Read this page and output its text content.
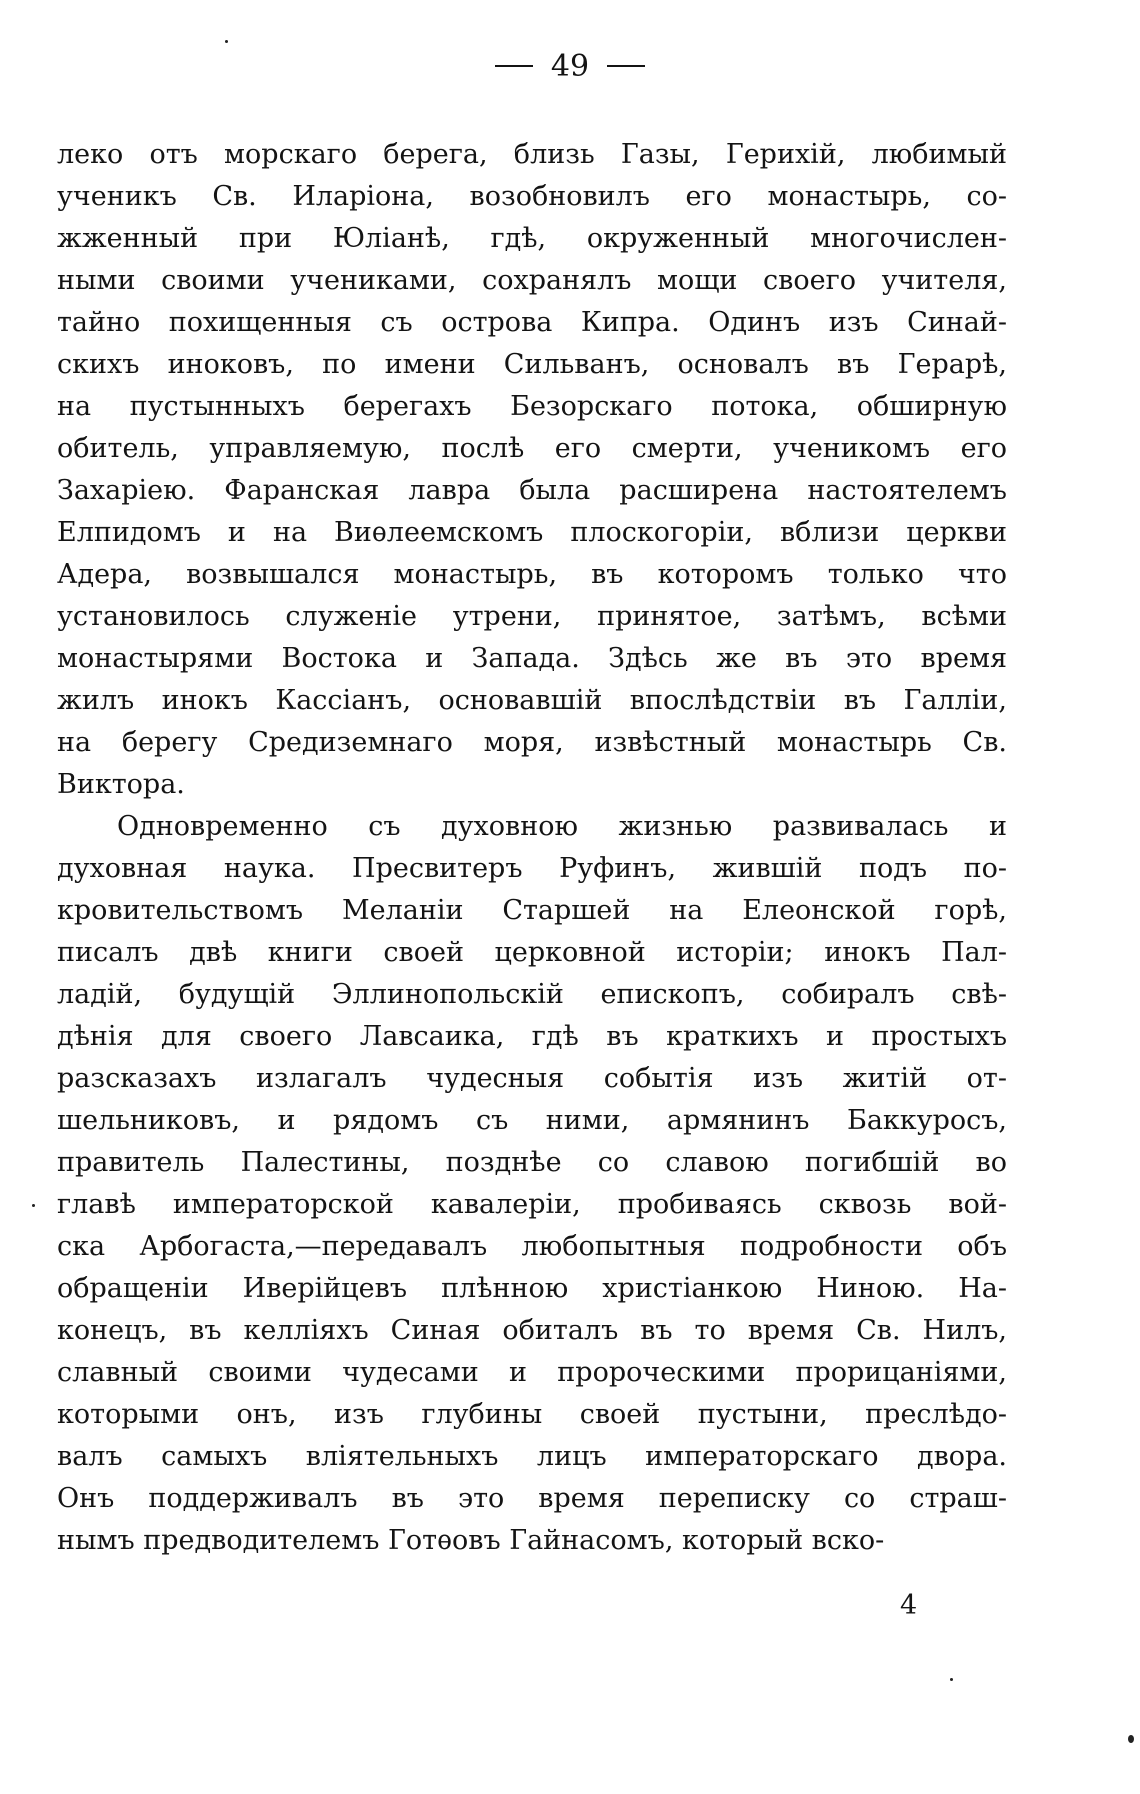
49
леко отъ морскаго берега, близь Газы, Герихій, любимый
ученикъ Св. Иларіона, возобновилъ его монастырь, со-
жженный при Юліанѣ, гдѣ, окруженный многочислен-
ными своими учениками, сохранялъ мощи своего учителя,
тайно похищенныя съ острова Кипра. Одинъ изъ Синай-
скихъ иноковъ, по имени Сильванъ, основалъ въ Герарѣ,
на пустынныхъ берегахъ Безорскаго потока, обширную
обитель, управляемую, послѣ его смерти, ученикомъ его
Захаріею. Фаранская лавра была расширена настоятелемъ
Елпидомъ и на Виѳлеемскомъ плоскогоріи, вблизи церкви
Адера, возвышался монастырь, въ которомъ только что
установилось служеніе утрени, принятое, затѣмъ, всѣми
монастырями Востока и Запада. Здѣсь же въ это время
жилъ инокъ Кассіанъ, основавшій впослѣдствіи въ Галліи,
на берегу Средиземнаго моря, извѣстный монастырь Св.
Виктора.
Одновременно съ духовною жизнью развивалась и
духовная наука. Пресвитеръ Руфинъ, жившій подъ по-
кровительствомъ Меланіи Старшей на Елеонской горѣ,
писалъ двѣ книги своей церковной исторіи; инокъ Пал-
ладій, будущій Эллинопольскій епископъ, собиралъ свѣ-
дѣнія для своего Лавсаика, гдѣ въ краткихъ и простыхъ
разсказахъ излагалъ чудесныя событія изъ житій от-
шельниковъ, и рядомъ съ ними, армянинъ Баккуросъ,
правитель Палестины, позднѣе со славою погибшій во
главѣ императорской кавалеріи, пробиваясь сквозь вой-
ска Арбогаста,—передавалъ любопытныя подробности объ
обращеніи Иверійцевъ плѣнною христіанкою Ниною. На-
конецъ, въ келліяхъ Синая обиталъ въ то время Св. Нилъ,
славный своими чудесами и пророческими прорицаніями,
которыми онъ, изъ глубины своей пустыни, преслѣдо-
валъ самыхъ вліятельныхъ лицъ императорскаго двора.
Онъ поддерживалъ въ это время переписку со страш-
нымъ предводителемъ Готѳовъ Гайнасомъ, который вско-
4
